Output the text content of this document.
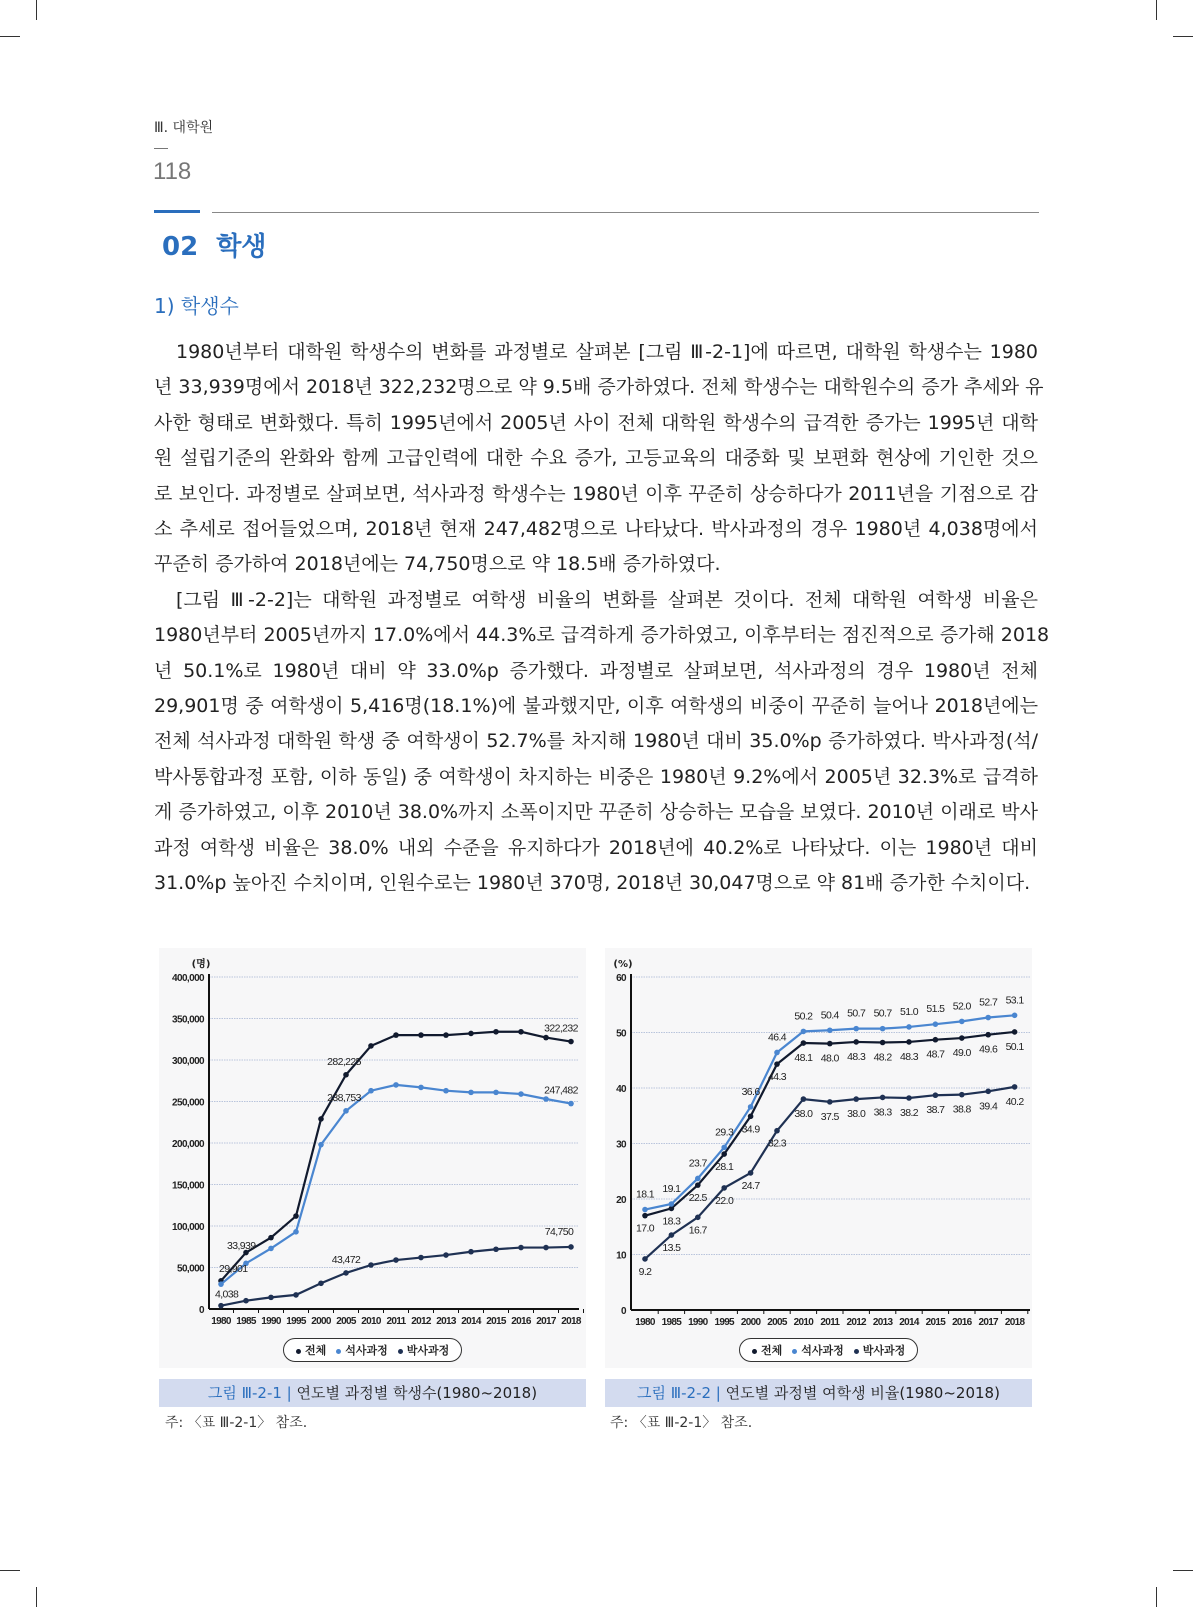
Ⅲ. 대학원
118
02 학생
1) 학생수
1980년부터 대학원 학생수의 변화를 과정별로 살펴본 [그림 Ⅲ-2-1]에 따르면, 대학원 학생수는 1980
년 33,939명에서 2018년 322,232명으로 약 9.5배 증가하였다. 전체 학생수는 대학원수의 증가 추세와 유
사한 형태로 변화했다. 특히 1995년에서 2005년 사이 전체 대학원 학생수의 급격한 증가는 1995년 대학
원 설립기준의 완화와 함께 고급인력에 대한 수요 증가, 고등교육의 대중화 및 보편화 현상에 기인한 것으
로 보인다. 과정별로 살펴보면, 석사과정 학생수는 1980년 이후 꾸준히 상승하다가 2011년을 기점으로 감
소 추세로 접어들었으며, 2018년 현재 247,482명으로 나타났다. 박사과정의 경우 1980년 4,038명에서
꾸준히 증가하여 2018년에는 74,750명으로 약 18.5배 증가하였다.
[그림 Ⅲ-2-2]는 대학원 과정별로 여학생 비율의 변화를 살펴본 것이다. 전체 대학원 여학생 비율은
1980년부터 2005년까지 17.0%에서 44.3%로 급격하게 증가하였고, 이후부터는 점진적으로 증가해 2018
년 50.1%로 1980년 대비 약 33.0%p 증가했다. 과정별로 살펴보면, 석사과정의 경우 1980년 전체
29,901명 중 여학생이 5,416명(18.1%)에 불과했지만, 이후 여학생의 비중이 꾸준히 늘어나 2018년에는
전체 석사과정 대학원 학생 중 여학생이 52.7%를 차지해 1980년 대비 35.0%p 증가하였다. 박사과정(석/
박사통합과정 포함, 이하 동일) 중 여학생이 차지하는 비중은 1980년 9.2%에서 2005년 32.3%로 급격하
게 증가하였고, 이후 2010년 38.0%까지 소폭이지만 꾸준히 상승하는 모습을 보였다. 2010년 이래로 박사
과정 여학생 비율은 38.0% 내외 수준을 유지하다가 2018년에 40.2%로 나타났다. 이는 1980년 대비
31.0%p 높아진 수치이며, 인원수로는 1980년 370명, 2018년 30,047명으로 약 81배 증가한 수치이다.
0
50,000
100,000
150,000
200,000
250,000
300,000
350,000
400,000
(명)
1980 1985 1990 1995 2000 2005 2010 2011 2012 2013 2014 2015 2016 2017 2018
33,939
282,225
322,232
29,901
238,753
247,482
4,038
43,472
74,750
전체	석사과정	박사과정
그림 Ⅲ-2-1 | 연도별 과정별 학생수(1980~2018)
주: 〈표 Ⅲ-2-1〉 참조.
0
10
20
30
40
50
60
(%)
1980 1985 1990 1995 2000 2005 2010 2011 2012 2013 2014 2015 2016 2017 2018
17.0
18.3
22.5
28.1
34.9
44.3
48.1 48.0 48.3 48.2 48.3 48.7 49.0 49.6 50.1
18.1 19.1
23.7
29.3
36.6
46.4
50.2 50.4 50.7 50.7 51.0 51.5 52.0 52.7 53.1
9.2
13.5
16.7
22.0
24.7
32.3
38.0 37.5 38.0 38.3 38.2 38.7 38.8 39.4 40.2
전체	석사과정	박사과정
그림 Ⅲ-2-2 | 연도별 과정별 여학생 비율(1980~2018)
주: 〈표 Ⅲ-2-1〉 참조.
